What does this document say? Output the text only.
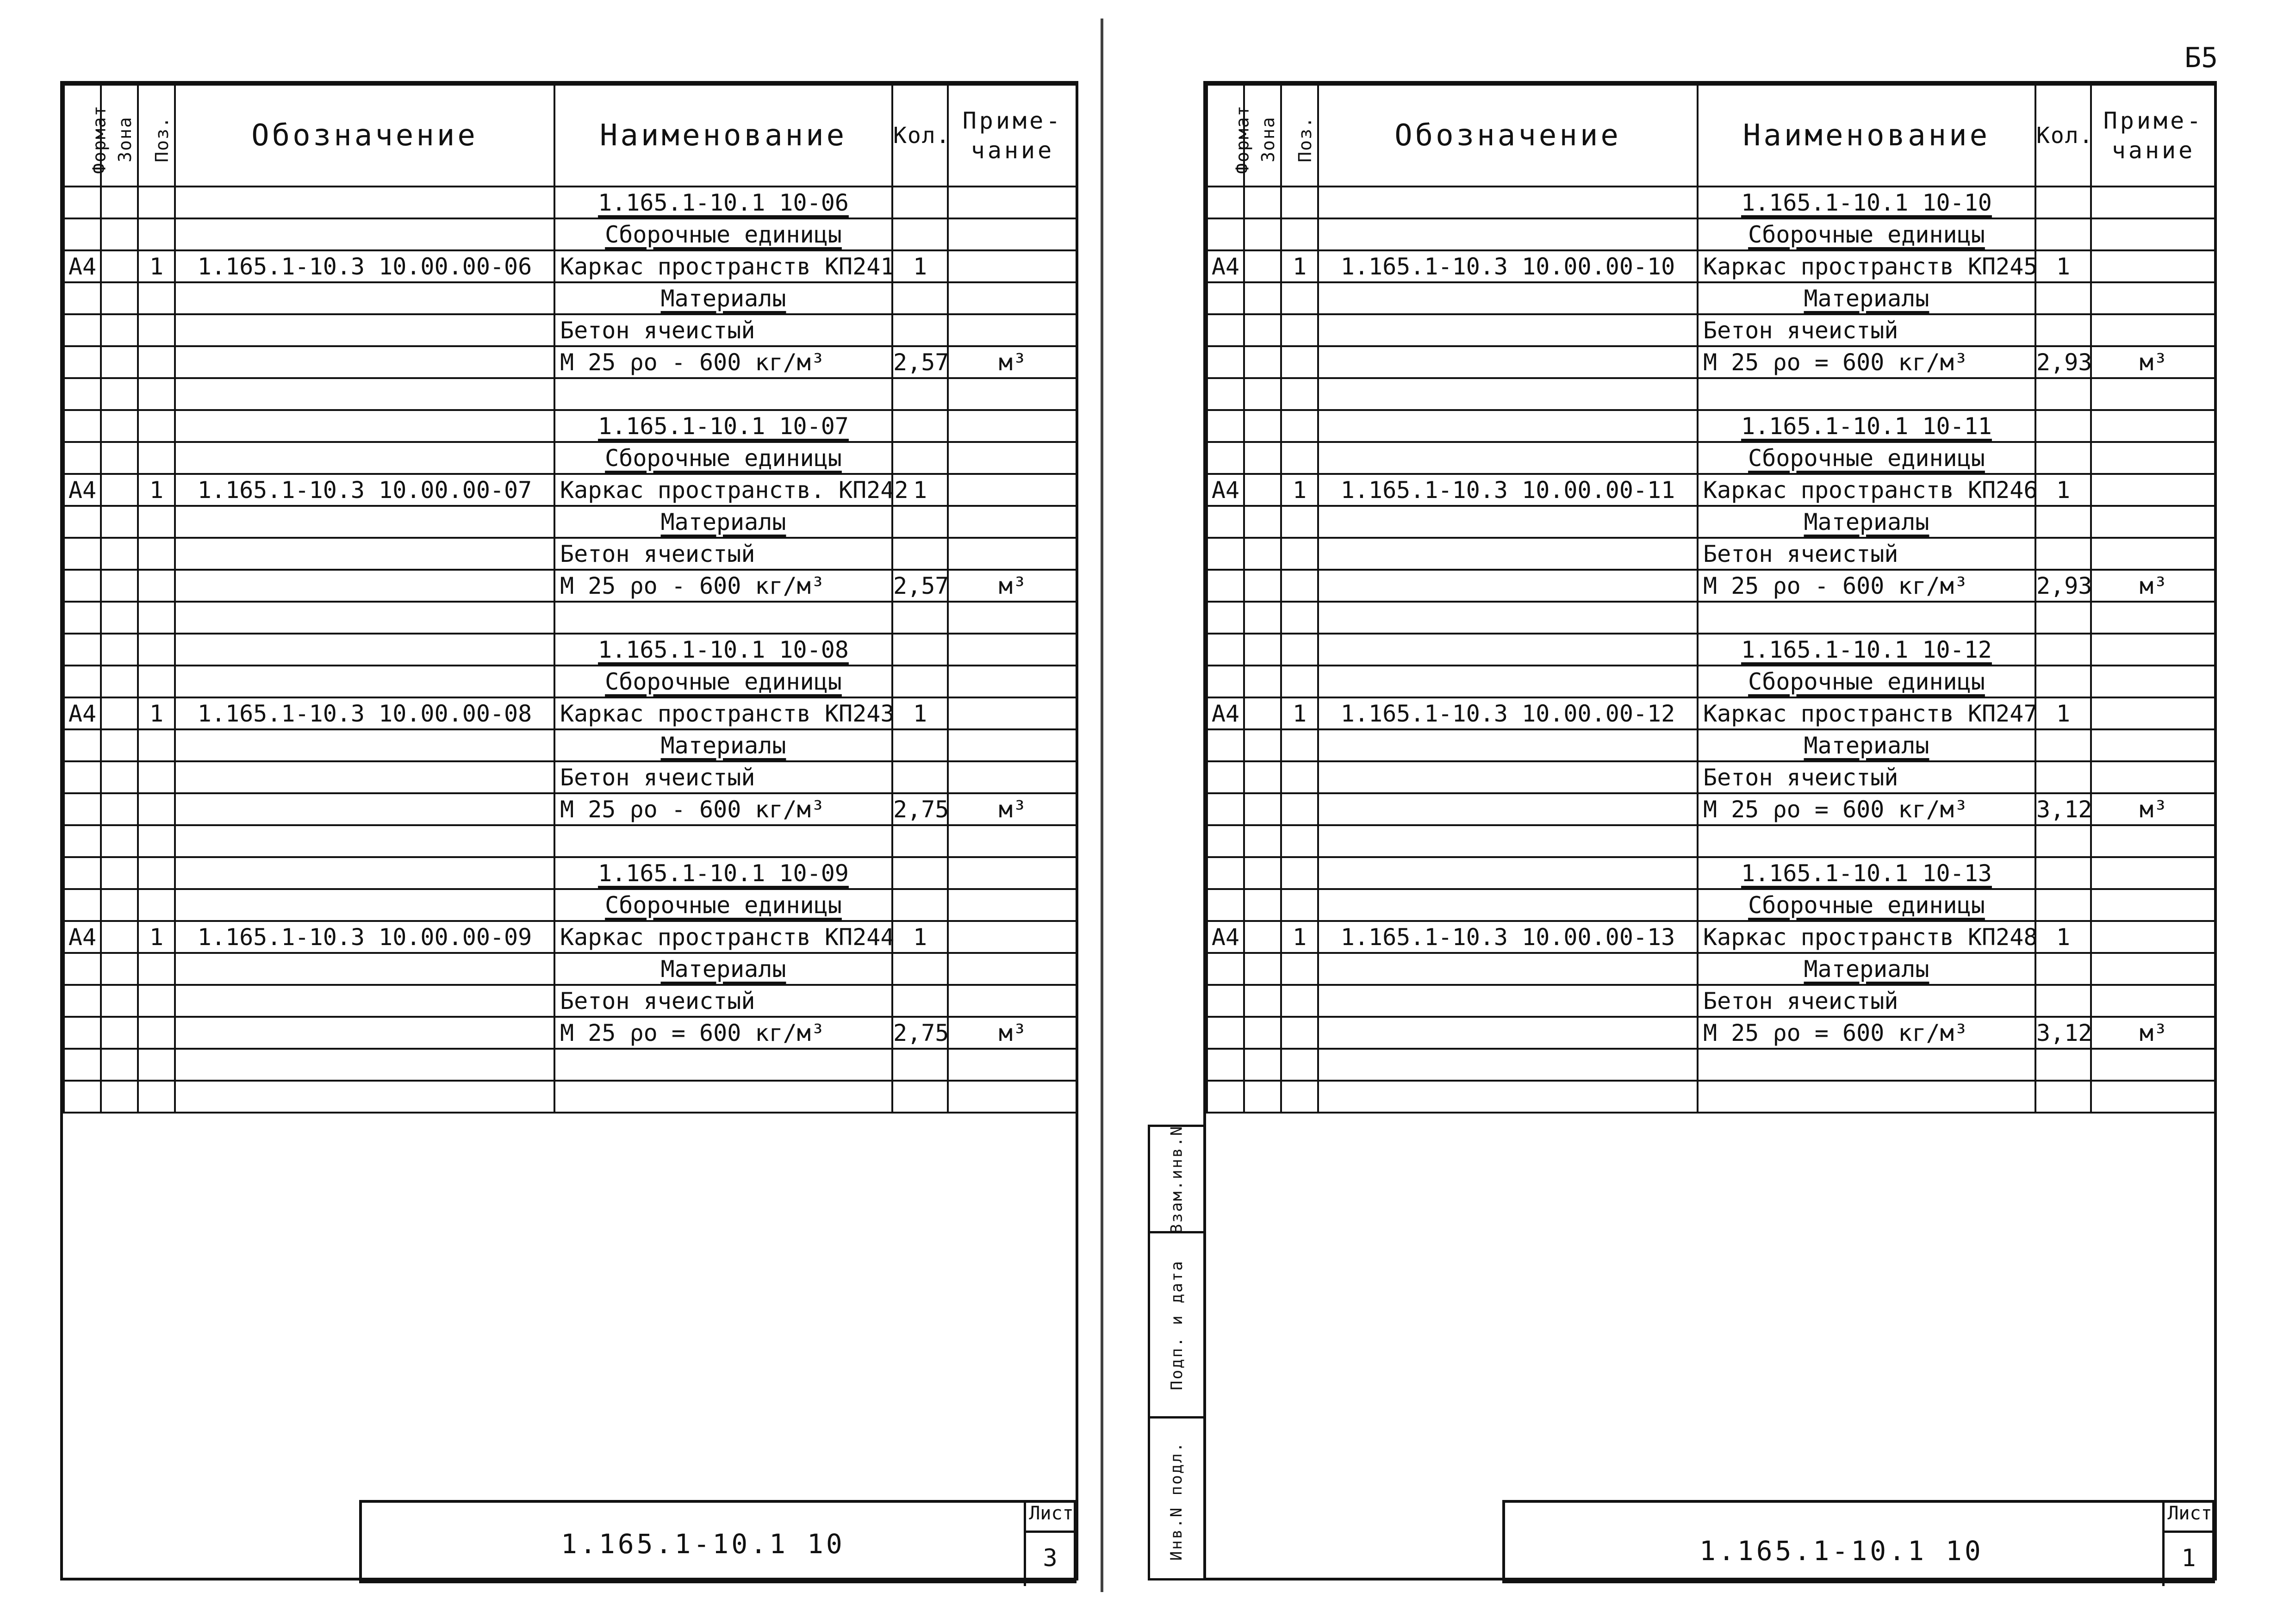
Формат	Зона	Поз.	Обозначение	Наименование	Кол.	Приме-чание
				1.165.1-10.1 10-06		
				Сборочные единицы		
А4		1	1.165.1-10.3 10.00.00-06	Каркас пространств КП241	1	
				Материалы		
				Бетон ячеистый		
				М 25 ρо - 600 кг/м³	2,57	м³

				1.165.1-10.1 10-07		
				Сборочные единицы		
А4		1	1.165.1-10.3 10.00.00-07	Каркас пространств. КП242	1	
				Материалы		
				Бетон ячеистый		
				М 25 ρо - 600 кг/м³	2,57	м³

				1.165.1-10.1 10-08		
				Сборочные единицы		
А4		1	1.165.1-10.3 10.00.00-08	Каркас пространств КП243	1	
				Материалы		
				Бетон ячеистый		
				М 25 ρо - 600 кг/м³	2,75	м³

				1.165.1-10.1 10-09		
				Сборочные единицы		
А4		1	1.165.1-10.3 10.00.00-09	Каркас пространств КП244	1	
				Материалы		
				Бетон ячеистый		
				М 25 ρо = 600 кг/м³	2,75	м³

1.165.1-10.1 10
Лист
3
Формат	Зона	Поз.	Обозначение	Наименование	Кол.	Приме-чание
				1.165.1-10.1 10-10		
				Сборочные единицы		
А4		1	1.165.1-10.3 10.00.00-10	Каркас пространств КП245	1	
				Материалы		
				Бетон ячеистый		
				М 25 ρо = 600 кг/м³	2,93	м³

				1.165.1-10.1 10-11		
				Сборочные единицы		
А4		1	1.165.1-10.3 10.00.00-11	Каркас пространств КП246	1	
				Материалы		
				Бетон ячеистый		
				М 25 ρо - 600 кг/м³	2,93	м³

				1.165.1-10.1 10-12		
				Сборочные единицы		
А4		1	1.165.1-10.3 10.00.00-12	Каркас пространств КП247	1	
				Материалы		
				Бетон ячеистый		
				М 25 ρо = 600 кг/м³	3,12	м³

				1.165.1-10.1 10-13		
				Сборочные единицы		
А4		1	1.165.1-10.3 10.00.00-13	Каркас пространств КП248	1	
				Материалы		
				Бетон ячеистый		
				М 25 ρо = 600 кг/м³	3,12	м³

1.165.1-10.1 10
Лист
1
Взам.инв.N
Подп. и дата
Инв.N подл.
Б5
